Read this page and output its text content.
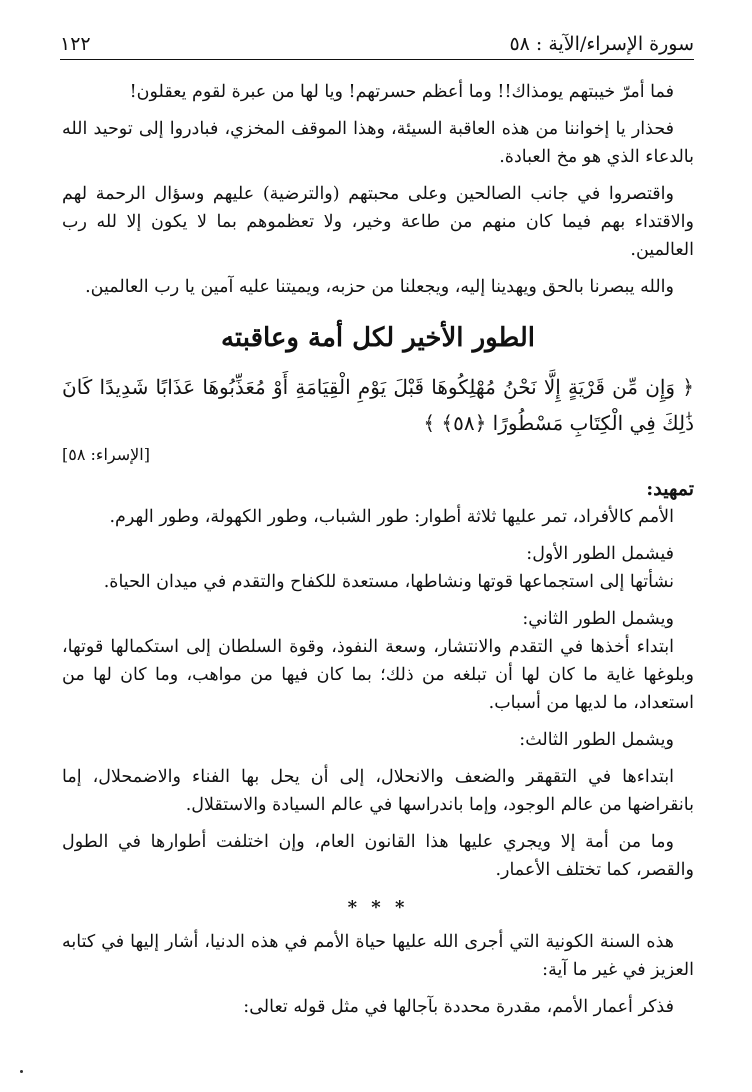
سورة الإسراء/الآية : ٥٨
١٢٢

فما أمرّ خيبتهم يومذاك!! وما أعظم حسرتهم! ويا لها من عبرة لقوم يعقلون!

فحذار يا إخواننا من هذه العاقبة السيئة، وهذا الموقف المخزي، فبادروا إلى توحيد الله بالدعاء الذي هو مخ العبادة.

واقتصروا في جانب الصالحين وعلى محبتهم (والترضية) عليهم وسؤال الرحمة لهم والاقتداء بهم فيما كان منهم من طاعة وخير، ولا تعظموهم بما لا يكون إلا لله رب العالمين.

والله يبصرنا بالحق ويهدينا إليه، ويجعلنا من حزبه، ويميتنا عليه آمين يا رب العالمين.

الطور الأخير لكل أمة وعاقبته

﴿ وَإِن مِّن قَرْيَةٍ إِلَّا نَحْنُ مُهْلِكُوهَا قَبْلَ يَوْمِ الْقِيَامَةِ أَوْ مُعَذِّبُوهَا عَذَابًا شَدِيدًا كَانَ ذَٰلِكَ فِي الْكِتَابِ مَسْطُورًا ﴿٥٨﴾ ﴾

[الإسراء: ٥٨]

تمهيد:

الأمم كالأفراد، تمر عليها ثلاثة أطوار: طور الشباب، وطور الكهولة، وطور الهرم.

فيشمل الطور الأول:

نشأتها إلى استجماعها قوتها ونشاطها، مستعدة للكفاح والتقدم في ميدان الحياة.

ويشمل الطور الثاني:

ابتداء أخذها في التقدم والانتشار، وسعة النفوذ، وقوة السلطان إلى استكمالها قوتها، وبلوغها غاية ما كان لها أن تبلغه من ذلك؛ بما كان فيها من مواهب، وما كان لها من استعداد، ما لديها من أسباب.

ويشمل الطور الثالث:

ابتداءها في التقهقر والضعف والانحلال، إلى أن يحل بها الفناء والاضمحلال، إما بانقراضها من عالم الوجود، وإما باندراسها في عالم السيادة والاستقلال.

وما من أمة إلا ويجري عليها هذا القانون العام، وإن اختلفت أطوارها في الطول والقصر، كما تختلف الأعمار.

* * *

هذه السنة الكونية التي أجرى الله عليها حياة الأمم في هذه الدنيا، أشار إليها في كتابه العزيز في غير ما آية:

فذكر أعمار الأمم، مقدرة محددة بآجالها في مثل قوله تعالى:
